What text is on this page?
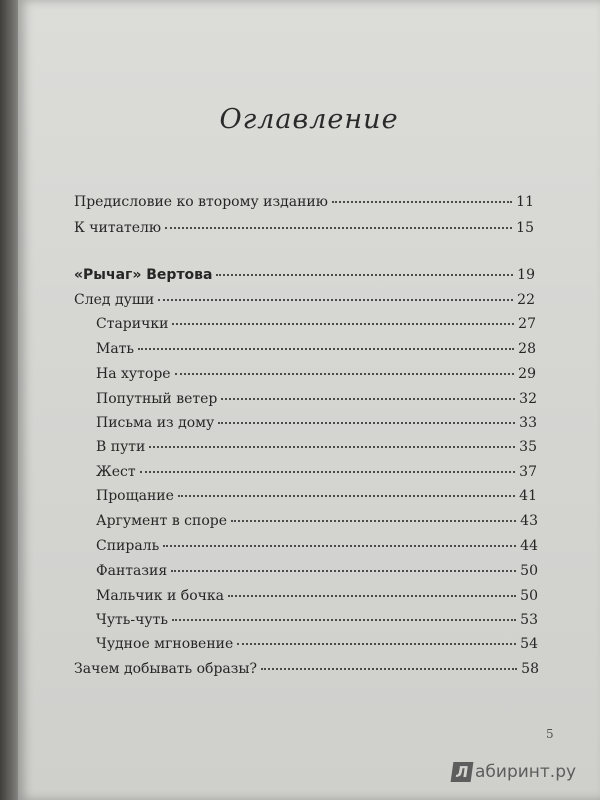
Оглавление
Предисловие ко второму изданию	11
К читателю	15
«Рычаг» Вертова	19
След души	22
Старички	27
Мать	28
На хуторе	29
Попутный ветер	32
Письма из дому	33
В пути	35
Жест	37
Прощание	41
Аргумент в споре	43
Спираль	44
Фантазия	50
Мальчик и бочка	50
Чуть-чуть	53
Чудное мгновение	54
Зачем добывать образы?	58
5
Л абиринт.ру
